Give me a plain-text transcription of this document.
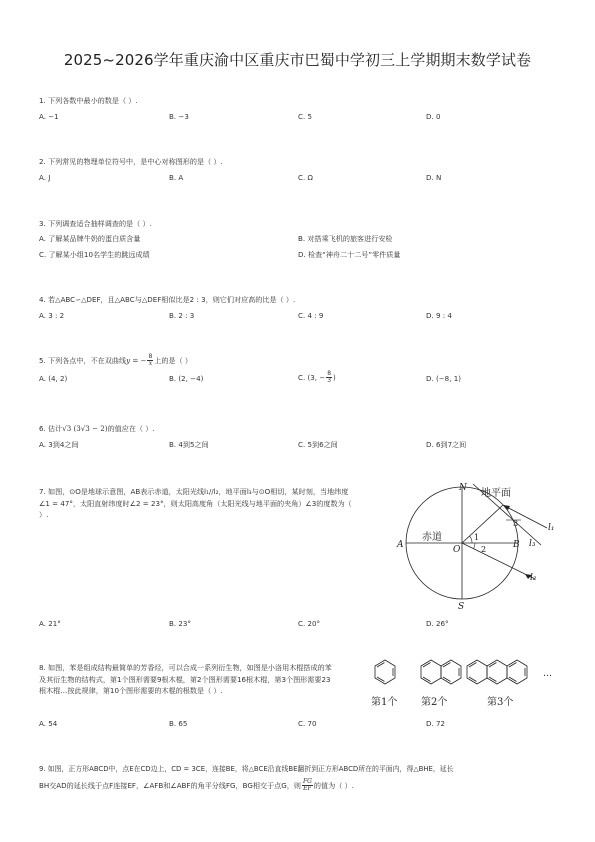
2025~2026学年重庆渝中区重庆市巴蜀中学初三上学期期末数学试卷
1. 下列各数中最小的数是（ ）.
A. −1	B. −3	C. 5	D. 0
2. 下列常见的物理单位符号中，是中心对称图形的是（ ）.
A. J	B. A	C. Ω	D. N
3. 下列调查适合抽样调查的是（ ）.
A. 了解某品牌牛奶的蛋白质含量	B. 对搭乘飞机的旅客进行安检
C. 了解某小组10名学生的跳远成绩	D. 检查“神舟二十二号”零件质量
4. 若△ABC∽△DEF，且△ABC与△DEF相似比是2 : 3，则它们对应高的比是（ ）.
A. 3 : 2	B. 2 : 3	C. 4 : 9	D. 9 : 4
5. 下列各点中，不在双曲线 y = − $\frac{8}{x}$ 上的是（ ）
A. (4, 2)	B. (2, −4)	C. (3, − $\frac{8}{3}$ )	D. (−8, 1)
6. 估计√3 (3√3 − 2)的值应在（ ）.
A. 3到4之间	B. 4到5之间	C. 5到6之间	D. 6到7之间
7. 如图，⊙O是地球示意图，AB表示赤道，太阳光线l₁//l₂，地平面l₃与⊙O相切，某时刻，当地纬度
∠1 = 47°，太阳直射纬度时∠2 = 23°，则太阳高度角（太阳光线与地平面的夹角）∠3的度数为（
）.
N
S
A	B
O
赤道
地平面
l₁
l₂
l₃
1
2
3
A. 21°	B. 23°	C. 20°	D. 26°
8. 如图，苯是组成结构最简单的芳香烃，可以合成一系列衍生物，如图是小洛用木棍搭成的苯
及其衍生物的结构式，第1个图形需要9根木棍，第2个图形需要16根木棍，第3个图形需要23
根木棍…按此规律，第10个图形需要的木棍的根数是（ ）.
…
第1个 第2个	第3个
A. 54	B. 65	C. 70	D. 72
9. 如图，正方形ABCD中，点E在CD边上，CD = 3CE，连接BE，将△BCE沿直线BE翻折到正方形ABCD所在的平面内，得△BHE，延长
BH交AD的延长线于点F连接EF，∠AFB和∠ABF的角平分线FG，BG相交于点G，则 $\frac{FG}{EF}$ 的值为（ ）.
